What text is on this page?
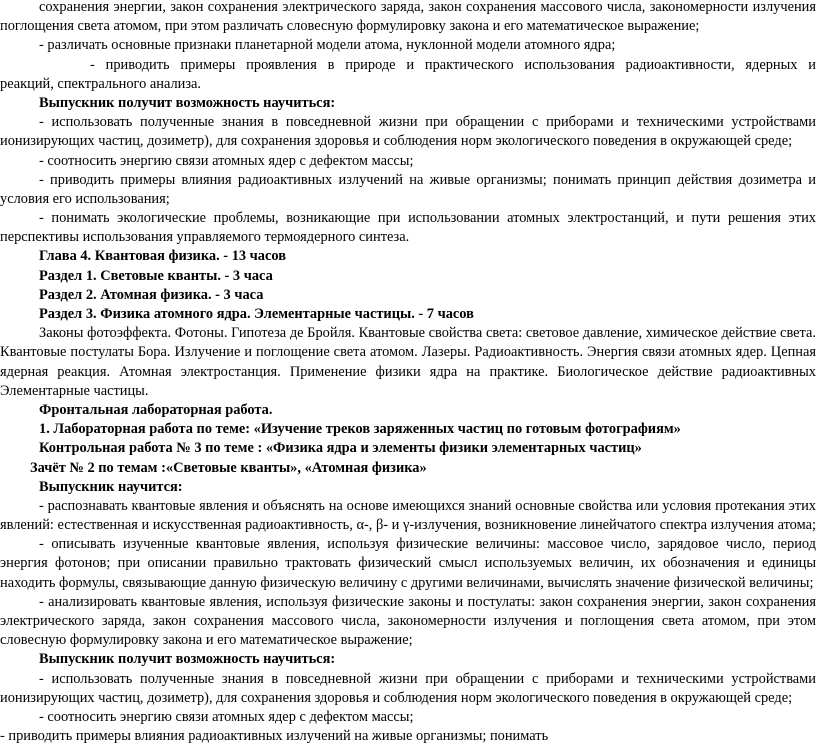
сохранения энергии, закон сохранения электрического заряда, закон сохранения массового числа, закономерности излучения
поглощения света атомом, при этом различать словесную формулировку закона и его математическое выражение;
- различать основные признаки планетарной модели атома, нуклонной модели атомного ядра;
- приводить примеры проявления в природе и практического использования радиоактивности, ядерных и
реакций, спектрального анализа.
Выпускник получит возможность научиться:
- использовать полученные знания в повседневной жизни при обращении с приборами и техническими устройствами
ионизирующих частиц, дозиметр), для сохранения здоровья и соблюдения норм экологического поведения в окружающей среде;
- соотносить энергию связи атомных ядер с дефектом массы;
- приводить примеры влияния радиоактивных излучений на живые организмы; понимать принцип действия дозиметра и
условия его использования;
- понимать экологические проблемы, возникающие при использовании атомных электростанций, и пути решения этих
перспективы использования управляемого термоядерного синтеза.
Глава 4. Квантовая физика. - 13 часов
Раздел 1. Световые кванты. - 3 часа
Раздел 2. Атомная физика. - 3 часа
Раздел 3. Физика атомного ядра. Элементарные частицы. - 7 часов
Законы фотоэффекта. Фотоны. Гипотеза де Бройля. Квантовые свойства света: световое давление, химическое действие света.
Квантовые постулаты Бора. Излучение и поглощение света атомом. Лазеры. Радиоактивность. Энергия связи атомных ядер. Цепная
ядерная реакция. Атомная электростанция. Применение физики ядра на практике. Биологическое действие радиоактивных
Элементарные частицы.
Фронтальная лабораторная работа.
1. Лабораторная работа по теме: «Изучение треков заряженных частиц по готовым фотографиям»
Контрольная работа № 3 по теме : «Физика ядра и элементы физики элементарных частиц»
Зачёт № 2 по темам :«Световые кванты», «Атомная физика»
Выпускник научится:
- распознавать квантовые явления и объяснять на основе имеющихся знаний основные свойства или условия протекания этих
явлений: естественная и искусственная радиоактивность, α-, β- и γ-излучения, возникновение линейчатого спектра излучения атома;
- описывать изученные квантовые явления, используя физические величины: массовое число, зарядовое число, период
энергия фотонов; при описании правильно трактовать физический смысл используемых величин, их обозначения и единицы
находить формулы, связывающие данную физическую величину с другими величинами, вычислять значение физической величины;
- анализировать квантовые явления, используя физические законы и постулаты: закон сохранения энергии, закон сохранения
электрического заряда, закон сохранения массового числа, закономерности излучения и поглощения света атомом, при этом
словесную формулировку закона и его математическое выражение;
Выпускник получит возможность научиться:
- использовать полученные знания в повседневной жизни при обращении с приборами и техническими устройствами
ионизирующих частиц, дозиметр), для сохранения здоровья и соблюдения норм экологического поведения в окружающей среде;
- соотносить энергию связи атомных ядер с дефектом массы;
- приводить примеры влияния радиоактивных излучений на живые организмы; понимать
